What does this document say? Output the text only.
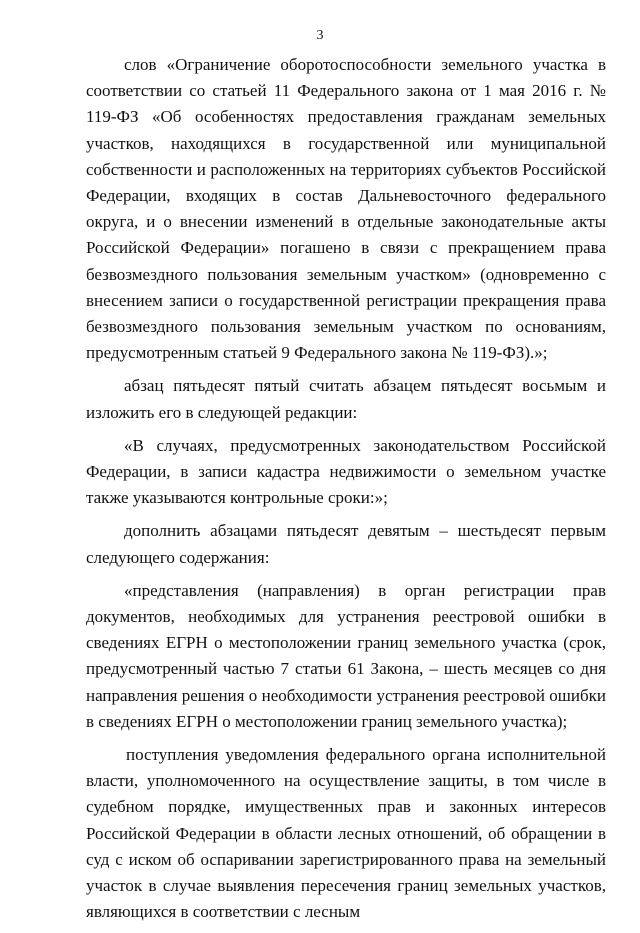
3

слов «Ограничение оборотоспособности земельного участка в соответствии со статьей 11 Федерального закона от 1 мая 2016 г. № 119-ФЗ «Об особенностях предоставления гражданам земельных участков, находящихся в государственной или муниципальной собственности и расположенных на территориях субъектов Российской Федерации, входящих в состав Дальневосточного федерального округа, и о внесении изменений в отдельные законодательные акты Российской Федерации» погашено в связи с прекращением права безвозмездного пользования земельным участком» (одновременно с внесением записи о государственной регистрации прекращения права безвозмездного пользования земельным участком по основаниям, предусмотренным статьей 9 Федерального закона № 119-ФЗ).»;

абзац пятьдесят пятый считать абзацем пятьдесят восьмым и изложить его в следующей редакции:

«В случаях, предусмотренных законодательством Российской Федерации, в записи кадастра недвижимости о земельном участке также указываются контрольные сроки:»;

дополнить абзацами пятьдесят девятым – шестьдесят первым следующего содержания:

«представления (направления) в орган регистрации прав документов, необходимых для устранения реестровой ошибки в сведениях ЕГРН о местоположении границ земельного участка (срок, предусмотренный частью 7 статьи 61 Закона, – шесть месяцев со дня направления решения о необходимости устранения реестровой ошибки в сведениях ЕГРН о местоположении границ земельного участка);

поступления уведомления федерального органа исполнительной власти, уполномоченного на осуществление защиты, в том числе в судебном порядке, имущественных прав и законных интересов Российской Федерации в области лесных отношений, об обращении в суд с иском об оспаривании зарегистрированного права на земельный участок в случае выявления пересечения границ земельных участков, являющихся в соответствии с лесным
